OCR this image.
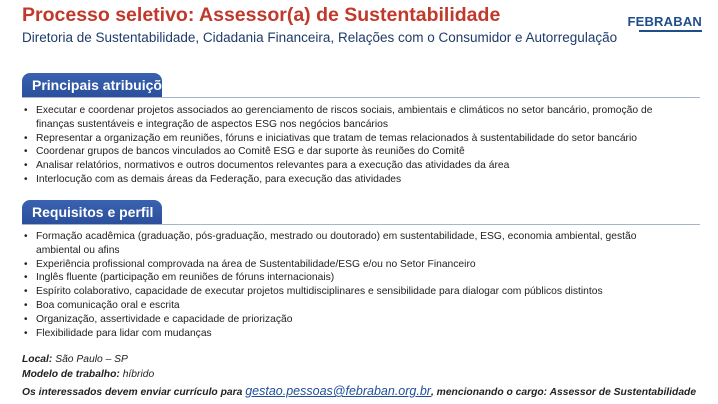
Processo seletivo: Assessor(a) de Sustentabilidade
Diretoria de Sustentabilidade, Cidadania Financeira, Relações com o Consumidor e Autorregulação
FEBRABAN
Principais atribuições
• Executar e coordenar projetos associados ao gerenciamento de riscos sociais, ambientais e climáticos no setor bancário, promoção de finanças sustentáveis e integração de aspectos ESG nos negócios bancários
• Representar a organização em reuniões, fóruns e iniciativas que tratam de temas relacionados à sustentabilidade do setor bancário
• Coordenar grupos de bancos vinculados ao Comitê ESG e dar suporte às reuniões do Comitê
• Analisar relatórios, normativos e outros documentos relevantes para a execução das atividades da área
• Interlocução com as demais áreas da Federação, para execução das atividades
Requisitos e perfil
• Formação acadêmica (graduação, pós-graduação, mestrado ou doutorado) em sustentabilidade, ESG, economia ambiental, gestão ambiental ou afins
• Experiência profissional comprovada na área de Sustentabilidade/ESG e/ou no Setor Financeiro
• Inglês fluente (participação em reuniões de fóruns internacionais)
• Espírito colaborativo, capacidade de executar projetos multidisciplinares e sensibilidade para dialogar com públicos distintos
• Boa comunicação oral e escrita
• Organização, assertividade e capacidade de priorização
• Flexibilidade para lidar com mudanças
Local: São Paulo – SP
Modelo de trabalho: híbrido
Os interessados devem enviar currículo para gestao.pessoas@febraban.org.br, mencionando o cargo: Assessor de Sustentabilidade
